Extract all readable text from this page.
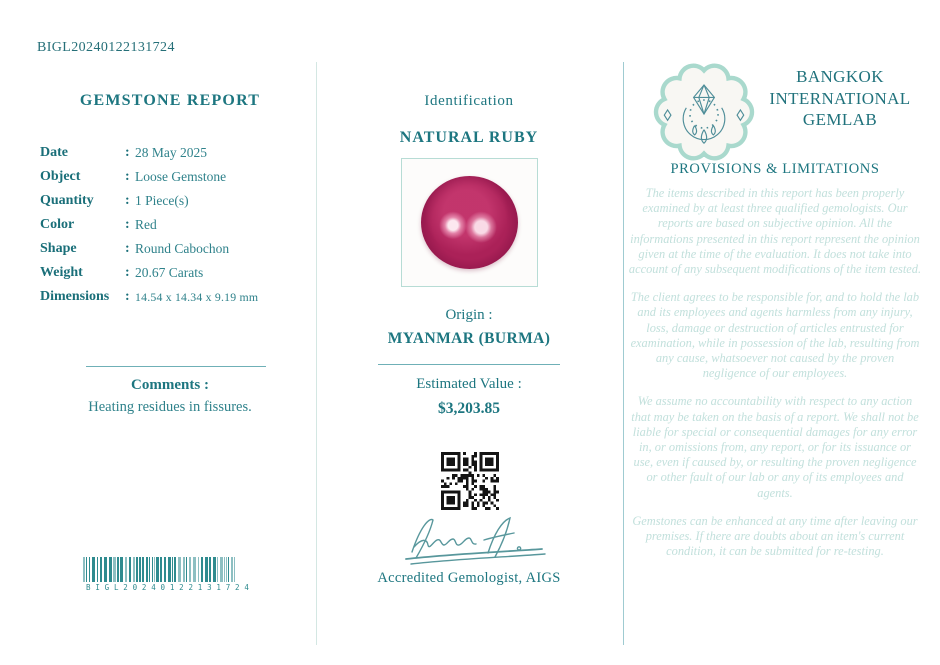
BIGL20240122131724
GEMSTONE REPORT
Date	: 28 May 2025
Object	: Loose Gemstone
Quantity	: 1 Piece(s)
Color	: Red
Shape	: Round Cabochon
Weight	: 20.67 Carats
Dimensions	: 14.54 x 14.34 x 9.19 mm
Comments :
Heating residues in fissures.
BIGL20240122131724
Identification
NATURAL RUBY
Origin :
MYANMAR (BURMA)
Estimated Value :
$3,203.85
Accredited Gemologist, AIGS
BANGKOK INTERNATIONAL GEMLAB
PROVISIONS & LIMITATIONS

The items described in this report has been properly examined by at least three qualified gemologists. Our reports are based on subjective opinion. All the informations presented in this report represent the opinion given at the time of the evaluation. It does not take into account of any subsequent modifications of the item tested.

The client agrees to be responsible for, and to hold the lab and its employees and agents harmless from any injury, loss, damage or destruction of articles entrusted for examination, while in possession of the lab, resulting from any cause, whatsoever not caused by the proven negligence of our employees.

We assume no accountability with respect to any action that may be taken on the basis of a report. We shall not be liable for special or consequential damages for any error in, or omissions from, any report, or for its issuance or use, even if caused by, or resulting the proven negligence or other fault of our lab or any of its employees and agents.

Gemstones can be enhanced at any time after leaving our premises. If there are doubts about an item's current condition, it can be submitted for re-testing.
